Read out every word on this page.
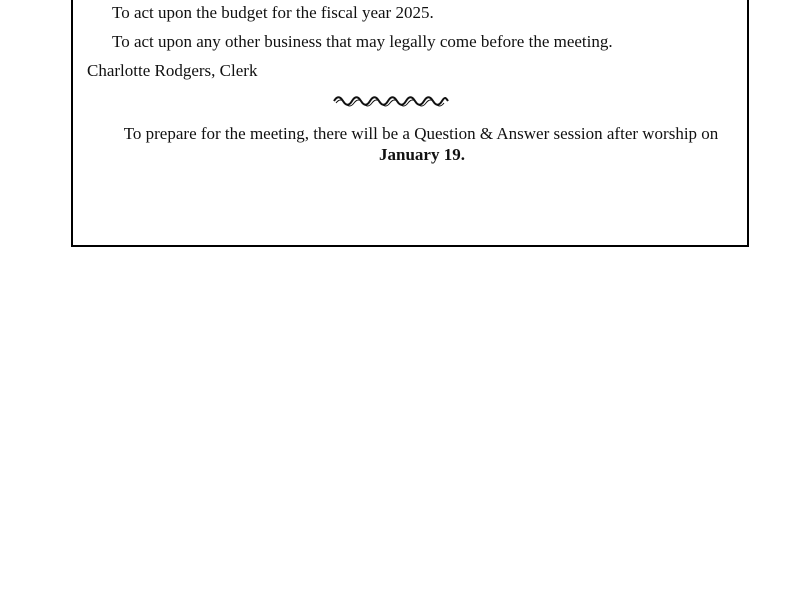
To act upon the budget for the fiscal year 2025.
To act upon any other business that may legally come before the meeting.
Charlotte Rodgers, Clerk
To prepare for the meeting, there will be a Question & Answer session after worship on
January 19.
